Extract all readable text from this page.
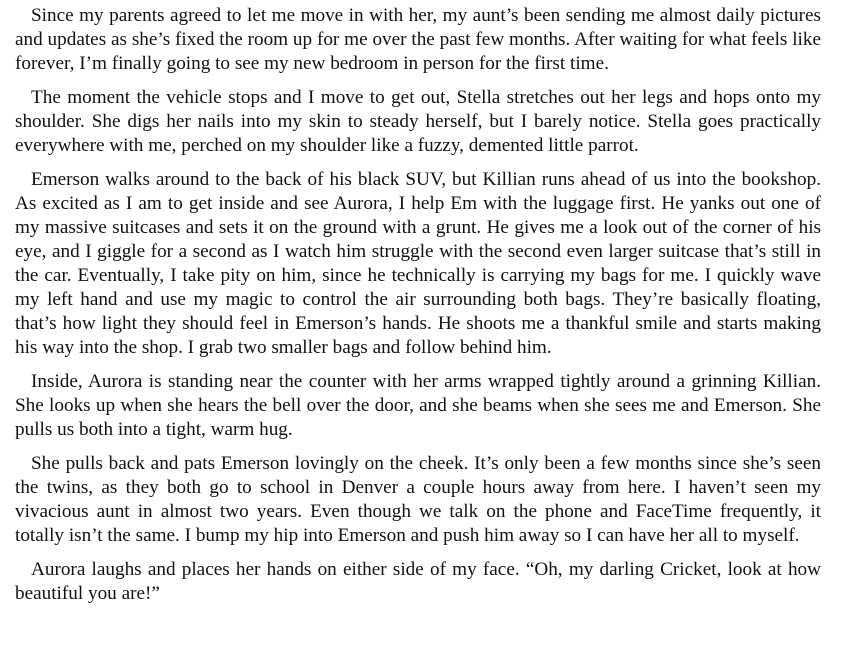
Since my parents agreed to let me move in with her, my aunt’s been sending me almost daily pictures and updates as she’s fixed the room up for me over the past few months. After waiting for what feels like forever, I’m finally going to see my new bedroom in person for the first time.

The moment the vehicle stops and I move to get out, Stella stretches out her legs and hops onto my shoulder. She digs her nails into my skin to steady herself, but I barely notice. Stella goes practically everywhere with me, perched on my shoulder like a fuzzy, demented little parrot.

Emerson walks around to the back of his black SUV, but Killian runs ahead of us into the bookshop. As excited as I am to get inside and see Aurora, I help Em with the luggage first. He yanks out one of my massive suitcases and sets it on the ground with a grunt. He gives me a look out of the corner of his eye, and I giggle for a second as I watch him struggle with the second even larger suitcase that’s still in the car. Eventually, I take pity on him, since he technically is carrying my bags for me. I quickly wave my left hand and use my magic to control the air surrounding both bags. They’re basically floating, that’s how light they should feel in Emerson’s hands. He shoots me a thankful smile and starts making his way into the shop. I grab two smaller bags and follow behind him.

Inside, Aurora is standing near the counter with her arms wrapped tightly around a grinning Killian. She looks up when she hears the bell over the door, and she beams when she sees me and Emerson. She pulls us both into a tight, warm hug.

She pulls back and pats Emerson lovingly on the cheek. It’s only been a few months since she’s seen the twins, as they both go to school in Denver a couple hours away from here. I haven’t seen my vivacious aunt in almost two years. Even though we talk on the phone and FaceTime frequently, it totally isn’t the same. I bump my hip into Emerson and push him away so I can have her all to myself.

Aurora laughs and places her hands on either side of my face. “Oh, my darling Cricket, look at how beautiful you are!”
